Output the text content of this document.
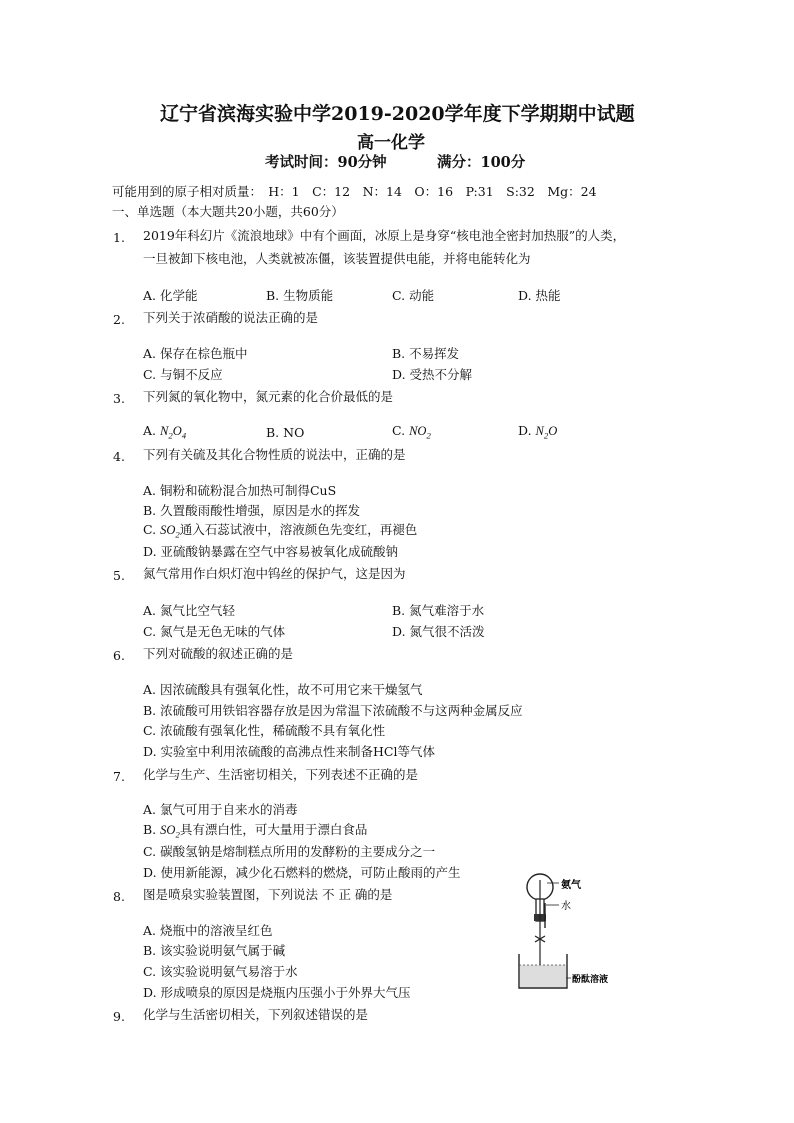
辽宁省滨海实验中学2019-2020学年度下学期期中试题
高一化学
考试时间：90分钟	满分：100分
可能用到的原子相对质量：　H：1　C：12　N：14　O：16　P:31　S:32　Mg：24
一、单选题（本大题共20小题，共60分）
1. 2019年科幻片《流浪地球》中有个画面，冰原上是身穿“核电池全密封加热服”的人类，
一旦被卸下核电池，人类就被冻僵，该装置提供电能，并将电能转化为
A. 化学能	B. 生物质能	C. 动能	D. 热能
2. 下列关于浓硝酸的说法正确的是
A. 保存在棕色瓶中	B. 不易挥发
C. 与铜不反应	D. 受热不分解
3. 下列氮的氧化物中，氮元素的化合价最低的是
A. $N_2O_4$	B. NO	C. $NO_2$	D. $N_2O$
4. 下列有关硫及其化合物性质的说法中，正确的是
A. 铜粉和硫粉混合加热可制得CuS
B. 久置酸雨酸性增强，原因是水的挥发
C. $SO_2$通入石蕊试液中，溶液颜色先变红，再褪色
D. 亚硫酸钠暴露在空气中容易被氧化成硫酸钠
5. 氮气常用作白炽灯泡中钨丝的保护气，这是因为
A. 氮气比空气轻	B. 氮气难溶于水
C. 氮气是无色无味的气体	D. 氮气很不活泼
6. 下列对硫酸的叙述正确的是
A. 因浓硫酸具有强氧化性，故不可用它来干燥氢气
B. 浓硫酸可用铁铝容器存放是因为常温下浓硫酸不与这两种金属反应
C. 浓硫酸有强氧化性，稀硫酸不具有氧化性
D. 实验室中利用浓硫酸的高沸点性来制备HCl等气体
7. 化学与生产、生活密切相关，下列表述不正确的是
A. 氯气可用于自来水的消毒
B. $SO_2$具有漂白性，可大量用于漂白食品
C. 碳酸氢钠是熔制糕点所用的发酵粉的主要成分之一
D. 使用新能源，减少化石燃料的燃烧，可防止酸雨的产生
8. 图是喷泉实验装置图，下列说法 不 正 确的是
A. 烧瓶中的溶液呈红色
B. 该实验说明氨气属于碱
C. 该实验说明氨气易溶于水
D. 形成喷泉的原因是烧瓶内压强小于外界大气压
氨气
水
酚酞溶液
9. 化学与生活密切相关，下列叙述错误的是
